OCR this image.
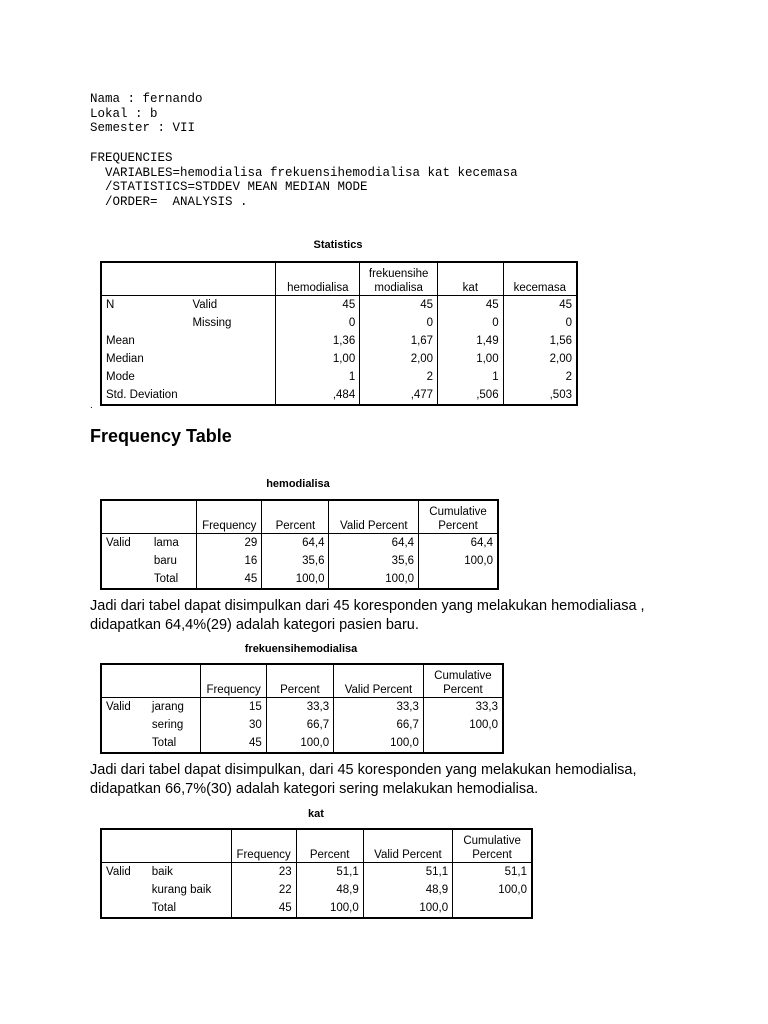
Nama : fernando
Lokal : b
Semester : VII
FREQUENCIES
VARIABLES=hemodialisa frekuensihemodialisa kat kecemasa
/STATISTICS=STDDEV MEAN MEDIAN MODE
/ORDER=  ANALYSIS .
Statistics
		hemodialisa	frekuensihe modialisa	kat	kecemasa
N	Valid	45	45	45	45
	Missing	0	0	0	0
Mean		1,36	1,67	1,49	1,56
Median		1,00	2,00	1,00	2,00
Mode		1	2	1	2
Std. Deviation		,484	,477	,506	,503
.
Frequency Table
hemodialisa
		Frequency	Percent	Valid Percent	Cumulative Percent
Valid	lama	29	64,4	64,4	64,4
	baru	16	35,6	35,6	100,0
	Total	45	100,0	100,0	

Jadi dari tabel dapat disimpulkan dari 45 koresponden yang melakukan hemodialiasa , didapatkan 64,4%(29) adalah kategori pasien baru.

frekuensihemodialisa
		Frequency	Percent	Valid Percent	Cumulative Percent
Valid	jarang	15	33,3	33,3	33,3
	sering	30	66,7	66,7	100,0
	Total	45	100,0	100,0	

Jadi dari tabel dapat disimpulkan, dari 45 koresponden yang melakukan hemodialisa, didapatkan 66,7%(30) adalah kategori sering melakukan hemodialisa.

kat
		Frequency	Percent	Valid Percent	Cumulative Percent
Valid	baik	23	51,1	51,1	51,1
	kurang baik	22	48,9	48,9	100,0
	Total	45	100,0	100,0	
